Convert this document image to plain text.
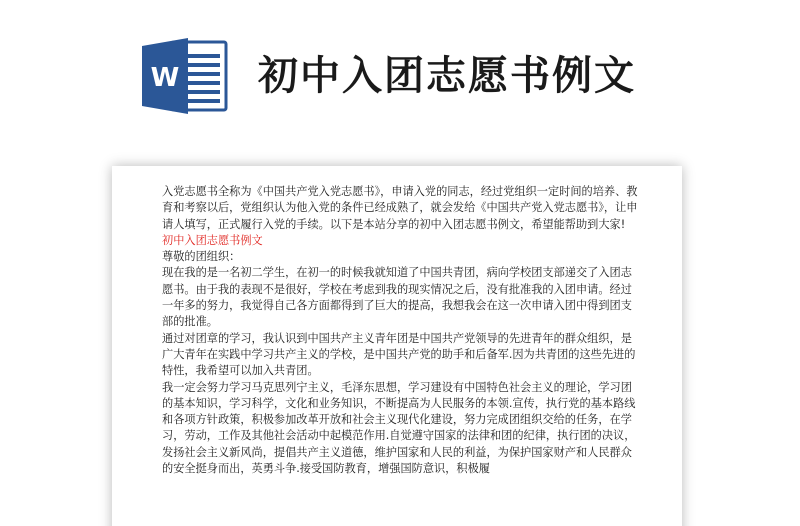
W 初中入团志愿书例文

入党志愿书全称为《中国共产党入党志愿书》，申请入党的同志，经过党组织一定时间的培养、教育和考察以后，党组织认为他入党的条件已经成熟了，就会发给《中国共产党入党志愿书》，让申请人填写，正式履行入党的手续。以下是本站分享的初中入团志愿书例文，希望能帮助到大家!

初中入团志愿书例文

尊敬的团组织：

现在我的是一名初二学生，在初一的时候我就知道了中国共青团，病向学校团支部递交了入团志愿书。由于我的表现不是很好，学校在考虑到我的现实情况之后，没有批准我的入团申请。经过一年多的努力，我觉得自己各方面都得到了巨大的提高，我想我会在这一次申请入团中得到团支部的批准。

通过对团章的学习，我认识到中国共产主义青年团是中国共产党领导的先进青年的群众组织，是广大青年在实践中学习共产主义的学校，是中国共产党的助手和后备军.因为共青团的这些先进的特性，我希望可以加入共青团。

我一定会努力学习马克思列宁主义，毛泽东思想，学习建设有中国特色社会主义的理论，学习团的基本知识，学习科学，文化和业务知识，不断提高为人民服务的本领.宣传，执行党的基本路线和各项方针政策，积极参加改革开放和社会主义现代化建设，努力完成团组织交给的任务，在学习，劳动，工作及其他社会活动中起模范作用.自觉遵守国家的法律和团的纪律，执行团的决议，发扬社会主义新风尚，提倡共产主义道德，维护国家和人民的利益，为保护国家财产和人民群众的安全挺身而出，英勇斗争.接受国防教育，增强国防意识，积极履
